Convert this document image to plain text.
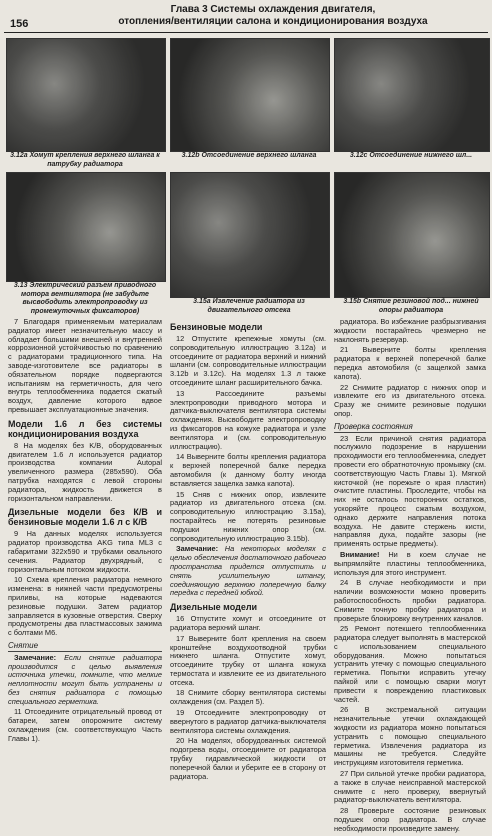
156
Глава 3 Системы охлаждения двигателя,
отопления/вентиляции салона и кондиционирования воздуха
3.12а Хомут крепления верхнего шланга к патрубку радиатора
3.12b Отсоединение верхнего шланга	3.12c Отсоединение нижнего шл...
3.13 Электрический разъем приводного мотора вентилятора (не забудьте высвободить электропроводку из промежуточных фиксаторов)
3.15a Извлечение радиатора из двигательного отсека
3.15b Снятие резиновой под... нижней опоры радиатора

7 Благодаря применяемым материалам радиатор имеет незначительную массу и обладает большими внешней и внутренней коррозионной устойчивостью по сравнению с радиаторами традиционного типа. На заводе-изготовителе все радиаторы в обязательном порядке подвергаются испытаниям на герметичность, для чего внутрь теплообменника подается сжатый воздух, давление которого вдвое превышает эксплуатационные значения.

Модели 1.6 л без системы кондиционирования воздуха

8 На моделях без K/B, оборудованных двигателем 1.6 л используется радиатор производства компании Autopal увеличенного размера (285x590). Оба патрубка находятся с левой стороны радиатора, жидкость движется в горизонтальном направлении.

Дизельные модели без К/В и бензиновые модели 1.6 л с К/В

9 На данных моделях используется радиатор производства AKG типа ML3 с габаритами 322x590 и трубками овального сечения. Радиатор двухрядный, с горизонтальным потоком жидкости.

10 Схема крепления радиатора немного изменена: в нижней части предусмотрены приливы, на которые надеваются резиновые подушки. Затем радиатор заправляется в кузовные отверстия. Сверху продусмотрены два пластмассовых зажима с болтами М6.

Снятие

Замечание: Если снятие радиатора производится с целью выявления источника утечки, помните, что мелкие неплотности могут быть устранены и без снятия радиатора с помощью специального герметика.

11 Отсоедините отрицательный провод от батареи, затем опорожните систему охлаждения (см. соответствующую Часть Главы 1).

Бензиновые модели

12 Отпустите крепежные хомуты (см. сопроводительную иллюстрацию 3.12а) и отсоедините от радиатора верхний и нижний шланги (см. сопроводительные иллюстрации 3.12b и 3.12c). На моделях 1.3 л также отсоедините шланг расширительного бачка.

13 Рассоедините разъемы электропроводки приводного мотора и датчика-выключателя вентилятора системы охлаждения. Высвободите электропроводку из фиксаторов на кожухе радиатора и узле вентилятора и (см. сопроводительную иллюстрацию).

14 Выверните болты крепления радиатора к верхней поперечной балке передка автомобиля (к данному болту иногда вставляется защелка замка капота).

15 Сняв с нижних опор, извлеките радиатор из двигательного отсека (см. сопроводительную иллюстрацию 3.15a), постарайтесь не потерять резиновые подушки нижних опор (см. сопроводительную иллюстрацию 3.15b).

Замечание: На некоторых моделях с целью обеспечения достаточного рабочего пространства придется отпустить и снять усилительную штангу, соединяющую верхнюю поперечную балку передка с передней юбкой.

Дизельные модели

16 Отпустите хомут и отсоедините от радиатора верхний шланг.

17 Выверните болт крепления на своем кронштейне воздухоотводной трубки нижнего шланга. Отпустите хомут, отсоедините трубку от шланга кожуха термостата и извлеките ее из двигательного отсека.

18 Снимите сборку вентилятора системы охлаждения (см. Раздел 5).

19 Отсоедините электропроводку от ввернутого в радиатор датчика-выключателя вентилятора системы охлаждения.

20 На моделях, оборудованных системой подогрева воды, отсоедините от радиатора трубку гидравлической жидкости от поперечной балки и уберите ее в сторону от радиатора.

радиатора. Во избежание разбрызгивания жидкости постарайтесь чрезмерно не наклонять резервуар.

21 Выверните болты крепления радиатора к верхней поперечной балке передка автомобиля (с защелкой замка капота).

22 Снимите радиатор с нижних опор и извлеките его из двигательного отсека. Сразу же снимите резиновые подушки опор.

Проверка состояния

23 Если причиной снятия радиатора послужило подозрение в нарушении проходимости его теплообменника, следует провести его обратноточную промывку (см. соответствующую Часть Главы 1). Мягкой кисточкой (не порежьте о края пластин) очистите пластины. Проследите, чтобы на них не осталось посторонних остатков, ускоряйте процесс сжатым воздухом, однако держите направления потока воздуха. Не давите стержень кисти, направляя духа, подайте зазоры (не применять острые предметы).

Внимание! Ни в коем случае не выпрямляйте пластины теплообменника, используя для этого инструмент.

24 В случае необходимости и при наличии возможности можно проверить работоспособность пробки радиатора. Снимите точную пробку радиатора и проверьте блокировку внутренних каналов.

25 Ремонт потекшего теплообменника радиатора следует выполнять в мастерской с использованием специального оборудования. Можно попытаться устранить утечку с помощью специального герметика. Попытки исправить утечку пайкой или с помощью сварки могут привести к повреждению пластиковых частей.

26 В экстремальной ситуации незначительные утечки охлаждающей жидкости из радиатора можно попытаться устранить с помощью специального герметика. Извлечения радиатора из машины не требуется. Следуйте инструкциям изготовителя герметика.

27 При сильной утечке пробки радиатора, а также в случае неисправной мастерской снимите с него проверку, ввернутый радиатор-выключатель вентилятора.

28 Проверьте состояние резиновых подушек опор радиатора. В случае необходимости произведите замену.
